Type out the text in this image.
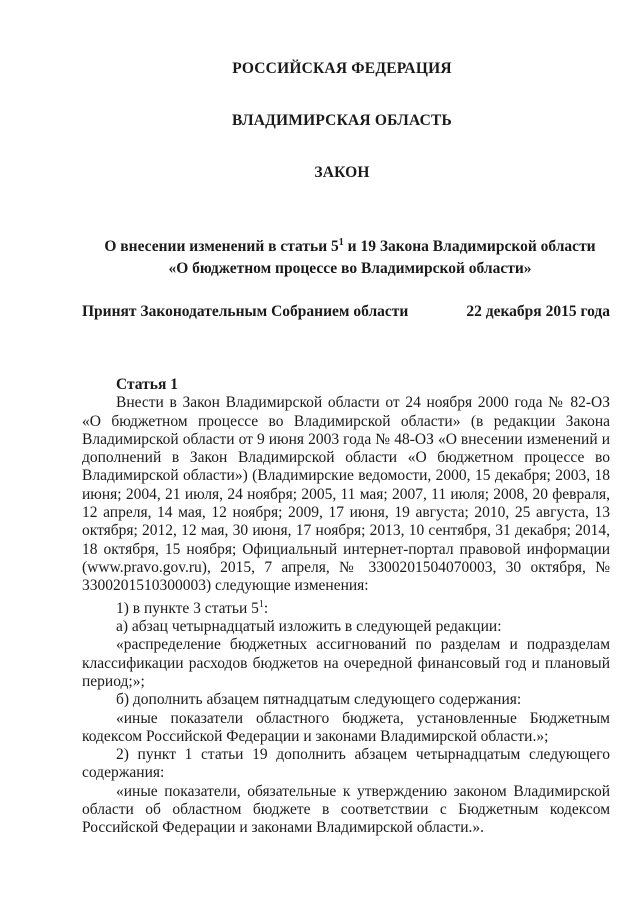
РОССИЙСКАЯ ФЕДЕРАЦИЯ
ВЛАДИМИРСКАЯ ОБЛАСТЬ
ЗАКОН
О внесении изменений в статьи $5^1$ и 19 Закона Владимирской области
«О бюджетном процессе во Владимирской области»
Принят Законодательным Собранием области	22 декабря 2015 года
Статья 1

Внести в Закон Владимирской области от 24 ноября 2000 года № 82-ОЗ «О бюджетном процессе во Владимирской области» (в редакции Закона Владимирской области от 9 июня 2003 года № 48-ОЗ «О внесении изменений и дополнений в Закон Владимирской области «О бюджетном процессе во Владимирской области») (Владимирские ведомости, 2000, 15 декабря; 2003, 18 июня; 2004, 21 июля, 24 ноября; 2005, 11 мая; 2007, 11 июля; 2008, 20 февраля, 12 апреля, 14 мая, 12 ноября; 2009, 17 июня, 19 августа; 2010, 25 августа, 13 октября; 2012, 12 мая, 30 июня, 17 ноября; 2013, 10 сентября, 31 декабря; 2014, 18 октября, 15 ноября; Официальный интернет-портал правовой информации (www.pravo.gov.ru), 2015, 7 апреля, № 3300201504070003, 30 октября, № 3300201510300003) следующие изменения:

1) в пункте 3 статьи $5^1$:

а) абзац четырнадцатый изложить в следующей редакции:

«распределение бюджетных ассигнований по разделам и подразделам классификации расходов бюджетов на очередной финансовый год и плановый период;»;

б) дополнить абзацем пятнадцатым следующего содержания:

«иные показатели областного бюджета, установленные Бюджетным кодексом Российской Федерации и законами Владимирской области.»;

2) пункт 1 статьи 19 дополнить абзацем четырнадцатым следующего содержания:

«иные показатели, обязательные к утверждению законом Владимирской области об областном бюджете в соответствии с Бюджетным кодексом Российской Федерации и законами Владимирской области.».
